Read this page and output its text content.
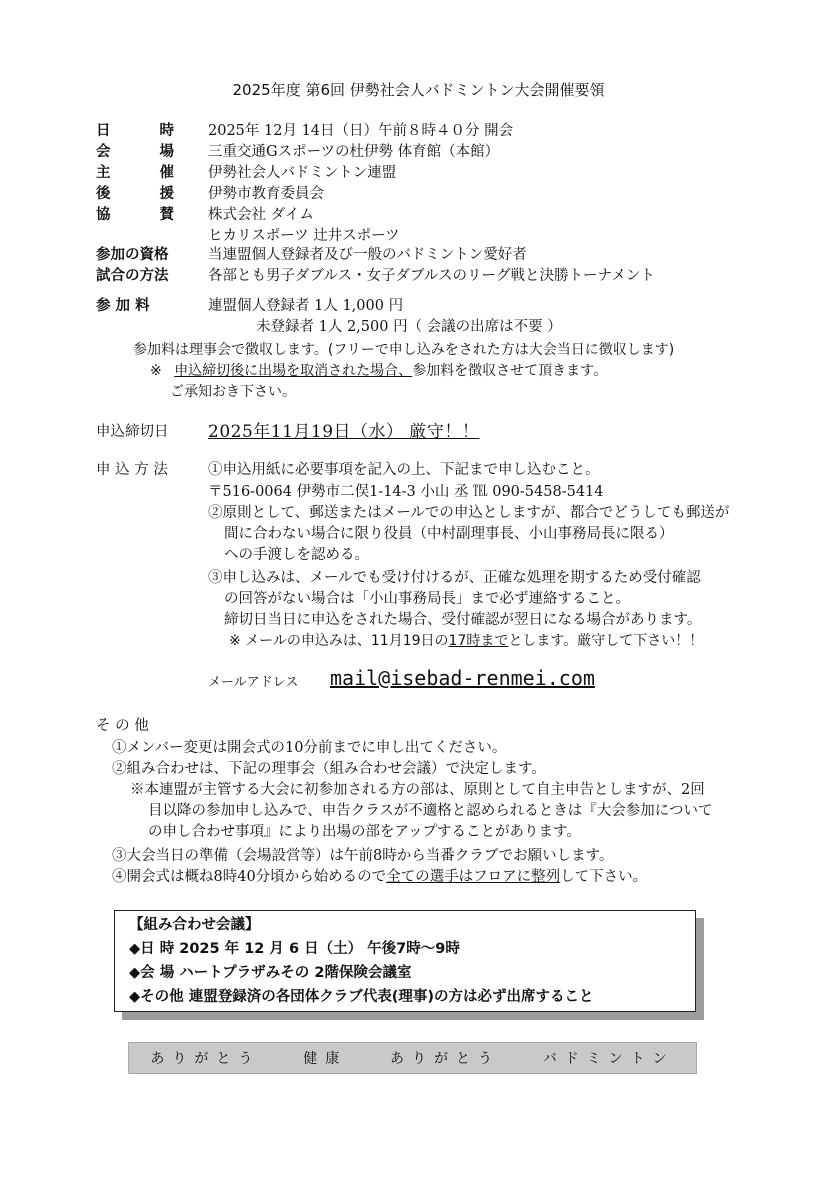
2025年度 第6回 伊勢社会人バドミントン大会開催要領
日	時 2025年 12月 14日（日）午前８時４０分 開会
会	場 三重交通Gスポーツの杜伊勢 体育館（本館）
主	催 伊勢社会人バドミントン連盟
後	援 伊勢市教育委員会
協	賛 株式会社 ダイム
ヒカリスポーツ 辻井スポーツ
参加の資格	当連盟個人登録者及び一般のバドミントン愛好者
試合の方法	各部とも男子ダブルス・女子ダブルスのリーグ戦と決勝トーナメント
参 加 料	連盟個人登録者 1人 1,000 円
未登録者 1人 2,500 円（ 会議の出席は不要 ）
参加料は理事会で徴収します。(フリーで申し込みをされた方は大会当日に徴収します)
※ 申込締切後に出場を取消された場合、参加料を徴収させて頂きます。
ご承知おき下さい。
申込締切日	2025年11月19日（水） 厳守！！
申 込 方 法	①申込用紙に必要事項を記入の上、下記まで申し込むこと。
〒516-0064 伊勢市二俣1-14-3 小山 丞 ℡ 090-5458-5414
②原則として、郵送またはメールでの申込としますが、都合でどうしても郵送が
間に合わない場合に限り役員（中村副理事長、小山事務局長に限る）
への手渡しを認める。
③申し込みは、メールでも受け付けるが、正確な処理を期するため受付確認
の回答がない場合は「小山事務局長」まで必ず連絡すること。
締切日当日に申込をされた場合、受付確認が翌日になる場合があります。
※ メールの申込みは、11月19日の17時までとします。厳守して下さい！！
メールアドレス mail@isebad-renmei.com
そ の 他
①メンバー変更は開会式の10分前までに申し出てください。
②組み合わせは、下記の理事会（組み合わせ会議）で決定します。
※本連盟が主管する大会に初参加される方の部は、原則として自主申告としますが、2回
目以降の参加申し込みで、申告クラスが不適格と認められるときは『大会参加について
の申し合わせ事項』により出場の部をアップすることがあります。
③大会当日の準備（会場設営等）は午前8時から当番クラブでお願いします。
④開会式は概ね8時40分頃から始めるので全ての選手はフロアに整列して下さい。
【組み合わせ会議】
◆日 時 2025 年 12 月 6 日（土） 午後7時～9時
◆会 場 ハートプラザみその 2階保険会議室
◆その他 連盟登録済の各団体クラブ代表(理事)の方は必ず出席すること
ありがとう	健康	ありがとう	バドミントン
